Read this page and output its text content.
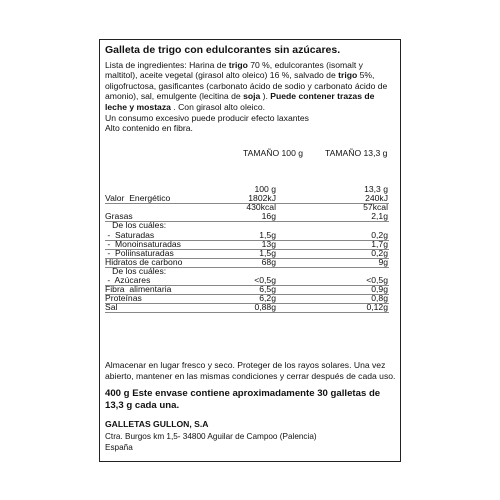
Galleta de trigo con edulcorantes sin azúcares.
Lista de ingredientes: Harina de trigo 70 %, edulcorantes (isomalt y maltitol), aceite vegetal (girasol alto oleico) 16 %, salvado de trigo 5%, oligofructosa, gasificantes (carbonato ácido de sodio y carbonato ácido de amonio), sal, emulgente (lecitina de soja ). Puede contener trazas de leche y mostaza . Con girasol alto oleico.
Un consumo excesivo puede producir efecto laxantes
Alto contenido en fibra.
TAMAÑO 100 g	TAMAÑO 13,3 g
100 g	13,3 g
Valor  Energético	1802kJ	240kJ
430kcal	57kcal
Grasas	16g	2,1g
De los cuáles:
-  Saturadas	1,5g	0,2g
-  Monoinsaturadas	13g	1,7g
-  Poliinsaturadas	1,5g	0,2g
Hidratos de carbono	68g	9g
De los cuáles:
-  Azúcares	<0,5g	<0,5g
Fibra  alimentaria	6,5g	0,9g
Proteínas	6,2g	0,8g
Sal	0,88g	0,12g
Almacenar en lugar fresco y seco. Proteger de los rayos solares. Una vez abierto, mantener en las mismas condiciones y cerrar después de cada uso.
400 g Este envase contiene aproximadamente 30 galletas de 13,3 g cada una.
GALLETAS GULLON, S.A
Ctra. Burgos km 1,5- 34800 Aguilar de Campoo (Palencia)
España
